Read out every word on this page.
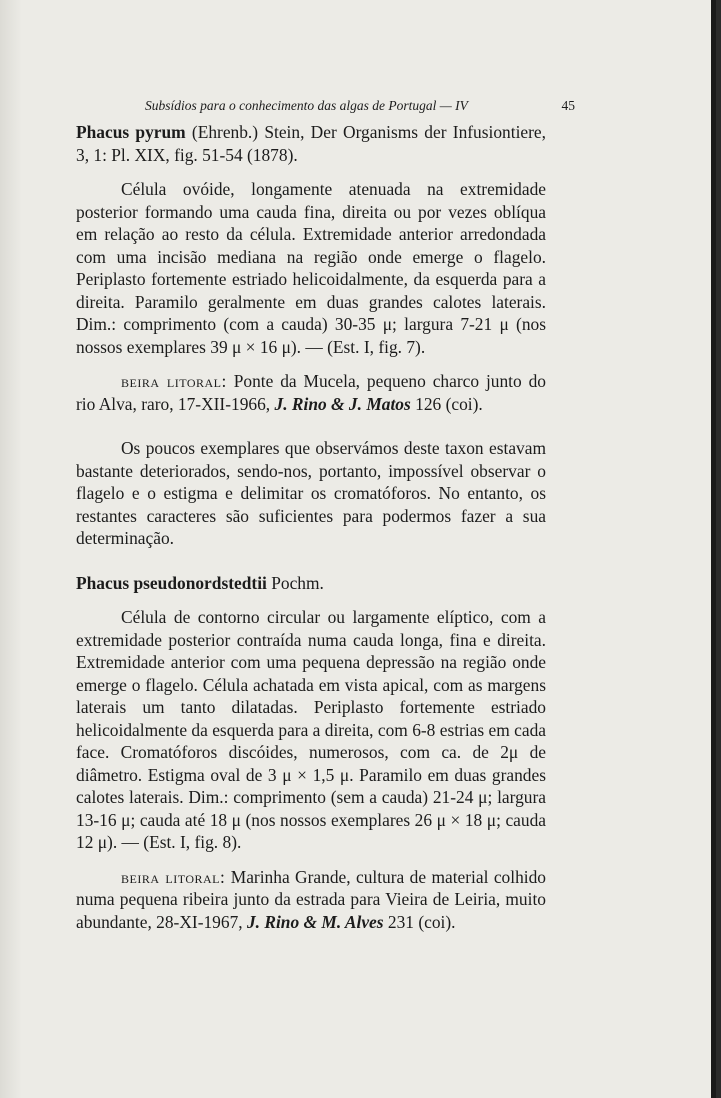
Subsídios para o conhecimento das algas de Portugal — IV	45

Phacus pyrum (Ehrenb.) Stein, Der Organisms der Infusiontiere, 3, 1: Pl. XIX, fig. 51-54 (1878).

Célula ovóide, longamente atenuada na extremidade posterior formando uma cauda fina, direita ou por vezes oblíqua em relação ao resto da célula. Extremidade anterior arredondada com uma incisão mediana na região onde emerge o flagelo. Periplasto fortemente estriado helicoidalmente, da esquerda para a direita. Paramilo geralmente em duas grandes calotes laterais. Dim.: comprimento (com a cauda) 30-35 μ; largura 7-21 μ (nos nossos exemplares 39 μ × 16 μ). — (Est. I, fig. 7).

beira litoral: Ponte da Mucela, pequeno charco junto do rio Alva, raro, 17-XII-1966, J. Rino & J. Matos 126 (coi).

Os poucos exemplares que observámos deste taxon estavam bastante deteriorados, sendo-nos, portanto, impossível observar o flagelo e o estigma e delimitar os cromatóforos. No entanto, os restantes caracteres são suficientes para podermos fazer a sua determinação.

Phacus pseudonordstedtii Pochm.

Célula de contorno circular ou largamente elíptico, com a extremidade posterior contraída numa cauda longa, fina e direita. Extremidade anterior com uma pequena depressão na região onde emerge o flagelo. Célula achatada em vista apical, com as margens laterais um tanto dilatadas. Periplasto fortemente estriado helicoidalmente da esquerda para a direita, com 6-8 estrias em cada face. Cromatóforos discóides, numerosos, com ca. de 2μ de diâmetro. Estigma oval de 3 μ × 1,5 μ. Paramilo em duas grandes calotes laterais. Dim.: comprimento (sem a cauda) 21-24 μ; largura 13-16 μ; cauda até 18 μ (nos nossos exemplares 26 μ × 18 μ; cauda 12 μ). — (Est. I, fig. 8).

beira litoral: Marinha Grande, cultura de material colhido numa pequena ribeira junto da estrada para Vieira de Leiria, muito abundante, 28-XI-1967, J. Rino & M. Alves 231 (coi).
